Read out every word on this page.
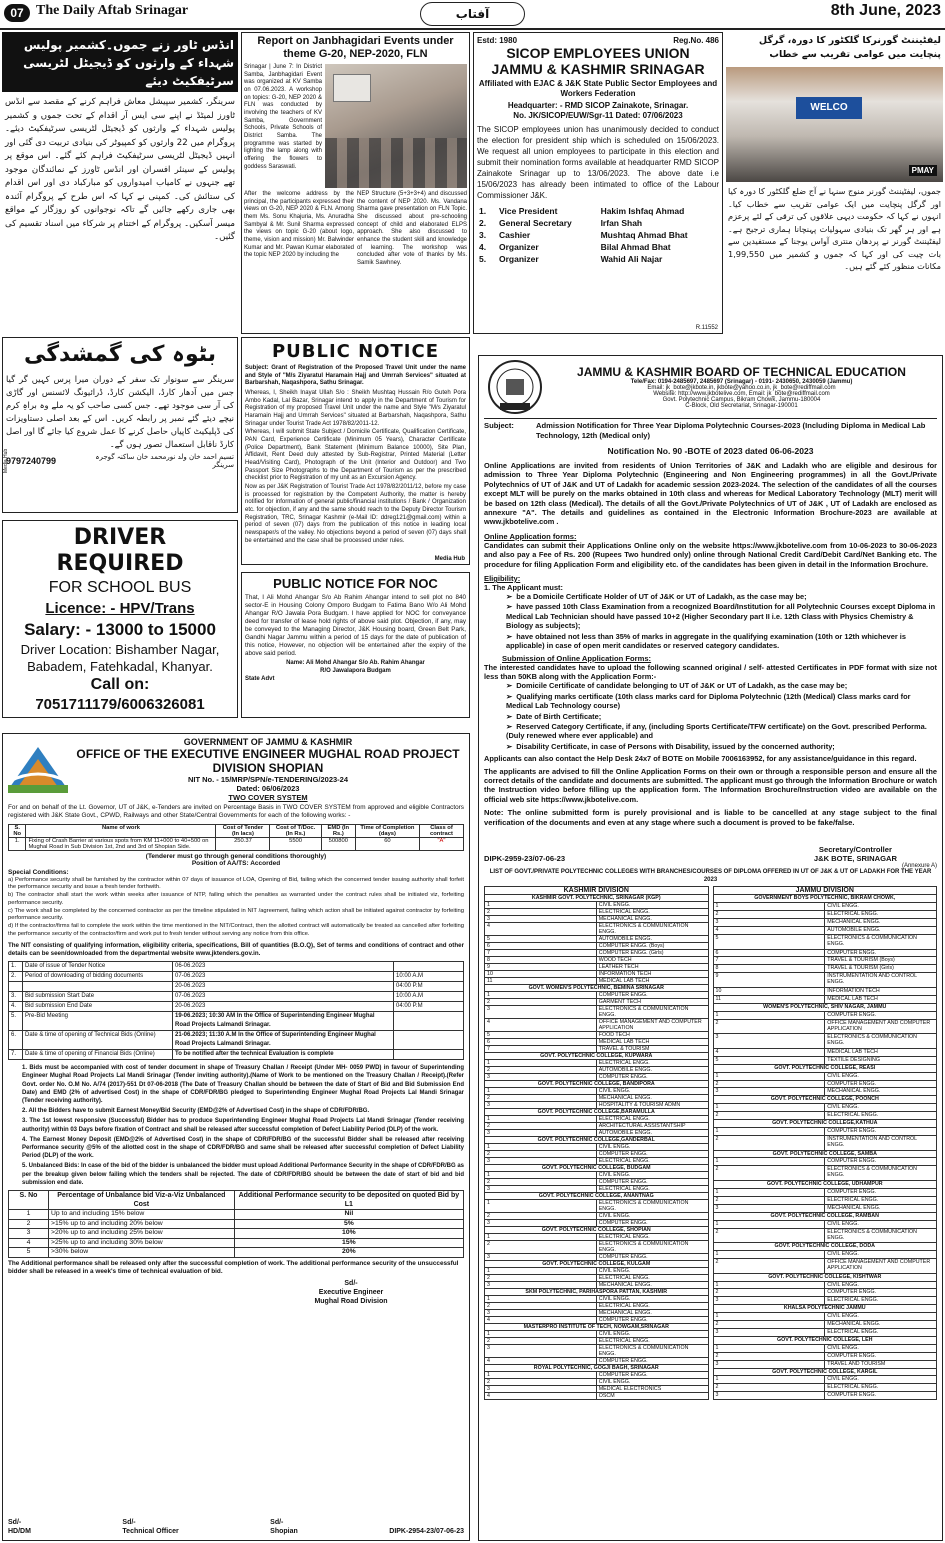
07 The Daily Aftab Srinagar	آفتاب	8th June, 2023
انڈس ٹاور زنے جموں۔کشمیر پولیس شہداء کے وارثوں کو ڈیجیٹل لٹریسی سرٹیفکیٹ دیئے
سرینگر، کشمیر سپیشل معاش فراہم کرنے کے مقصد سے انڈس ٹاورز لمیٹڈ نے اپنے سی ایس آر اقدام کے تحت جموں و کشمیر پولیس شہداء کے وارثوں کو ڈیجیٹل لٹریسی سرٹیفکیٹ دیئے۔ پروگرام میں 22 وارثوں کو کمپیوٹر کی بنیادی تربیت دی گئی اور انہیں ڈیجیٹل لٹریسی سرٹیفکیٹ فراہم کئے گئے۔ اس موقع پر پولیس کے سینئر افسران اور انڈس ٹاورز کے نمائندگان موجود تھے جنہوں نے کامیاب امیدواروں کو مبارکباد دی اور اس اقدام کی ستائش کی۔ کمپنی نے کہا کہ اس طرح کے پروگرام آئندہ بھی جاری رکھے جائیں گے تاکہ نوجوانوں کو روزگار کے مواقع میسر آسکیں۔ پروگرام کے اختتام پر شرکاء میں اسناد تقسیم کی گئیں۔
Report on Janbhagidari Events under theme G-20, NEP-2020, FLN
Srinagar | June 7: In District Samba, Janbhagidari Event was organized at KV Samba on 07.06.2023. A workshop on topics: G-20, NEP 2020 & FLN was conducted by involving the teachers of KV Samba, Government Schools, Private Schools of District Samba. The programme was started by lighting the lamp along with offering the flowers to goddess Saraswati.
After the welcome address by the principal, the participants expressed their views on G-20, NEP 2020 & FLN. Among them Ms. Sonu Khajuria, Ms. Anuradha Sambyal & Mr. Sunil Sharma expressed the views on topic G-20 (about logo, theme, vision and mission) Mr. Balwinder Kumar and Mr. Pawan Kumar elaborated the topic NEP 2020 by including the
NEP Structure (5+3+3+4) and discussed the content of NEP 2020. Ms. Vandana Sharma gave presentation on FLN Topic. She discussed about pre-schooling concept of child and elaborated ELPS approach. She also discussed to enhance the student skill and knowledge of learning. The workshop was concluded after vote of thanks by Ms. Samik Sawhney.
Estd: 1980	Reg.No. 486
SICOP EMPLOYEES UNION
JAMMU & KASHMIR SRINAGAR
Affiliated with EJAC & J&K State Public Sector Employees and Workers Federation
Headquarter: - RMD SICOP Zainakote, Srinagar.
No. JK/SICOP/EUW/Sgr-11 Dated: 07/06/2023
The SICOP employees union has unanimously decided to conduct the election for president ship which is scheduled on 15/06/2023. We request all union employees to participate in this election and submit their nomination forms available at headquarter RMD SICOP Zainakote Srinagar up to 13/06/2023. The above date i.e 15/06/2023 has already been intimated to office of the Labour Commissioner J&K.
1.	Vice President	Hakim Ishfaq Ahmad
2.	General Secretary	Irfan Shah
3.	Cashier	Mushtaq Ahmad Bhat
4.	Organizer	Bilal Ahmad Bhat
5.	Organizer	Wahid Ali Najar
R.11552
لیفٹیننٹ گورنرکا گلکٹور کا دورہ، گرگل پنچایت میں عوامی تقریب سے خطاب
WELCO
PMAY
جموں، لیفٹیننٹ گورنر منوج سنہا نے آج ضلع گلکٹور کا دورہ کیا اور گرگل پنچایت میں ایک عوامی تقریب سے خطاب کیا۔ انہوں نے کہا کہ حکومت دیہی علاقوں کی ترقی کے لئے پرعزم ہے اور ہر گھر تک بنیادی سہولیات پہنچانا ہماری ترجیح ہے۔ لیفٹیننٹ گورنر نے پردھان منتری آواس یوجنا کے مستفیدین سے بات چیت کی اور کہا کہ جموں و کشمیر میں 1,99,550 مکانات منظور کئے گئے ہیں۔
بٹوہ کی گمشدگی
سرینگر سے سونوار تک سفر کے دوران میرا پرس کہیں گر گیا جس میں آدھار کارڈ، الیکشن کارڈ، ڈرائیونگ لائسنس اور گاڑی کی آر سی موجود تھے۔ جس کسی صاحب کو یہ ملے وہ براہِ کرم نیچے دیئے گئے نمبر پر رابطہ کریں۔ اس کے بعد اصلی دستاویزات کی ڈپلیکیٹ کاپیاں حاصل کرنے کا عمل شروع کیا جائے گا اور اصل کارڈ ناقابل استعمال تصور ہوں گے۔
9797240799	تسیم احمد خان ولد نورمحمد خان ساکنہ گوجرہ سرینگر
Media Hub
PUBLIC NOTICE
Subject: Grant of Registration of the Proposed Travel Unit under the name and Style of "M/s Ziyaratul Haramain Hajj and Umrrah Services" situated at Barbarshah, Naqashpora, Sathu Srinagar.
Whereas, I, Sheikh Inayat Ullah S/o : Sheikh Mushtaq Hussain R/o Guteh Pora Ambo Kadal, Lal Bazar, Srinagar intend to apply in the Department of Tourism for Registration of my proposed Travel Unit under the name and Style "M/s Ziyaratul Haramain Hajj and Umrrah Services" situated at Barbarshah, Naqashpora, Sathu Srinagar under Tourist Trade Act 1978/82/2011-12.
Whereas, I will submit State Subject / Domicile Certificate, Qualification Certificate, PAN Card, Experience Certificate (Minimum 05 Years), Character Certificate (Police Department), Bank Statement (Minimum Balance 10000), Site Plan, Affidavit, Rent Deed duly attested by Sub-Registrar, Printed Material (Letter Head/Visiting Card), Photograph of the Unit (Interior and Outdoor) and Two Passport Size Photographs to the Department of Tourism as per the prescribed checklist prior to Registration of my unit as an Excursion Agency.
Now as per J&K Registration of Tourist Trade Act 1978/82/2011/12, before my case is processed for registration by the Competent Authority, the matter is hereby notified for information of general public/financial institutions / Bank / Organization etc. for objection, if any and the same should reach to the Deputy Director Tourism Registration, TRC, Srinagar Kashmir (e-Mail ID: ddreg121@gmail.com) within a period of seven (07) days from the publication of this notice in leading local newspaper/s of the valley. No objections beyond a period of seven (07) days shall be entertained and the case shall be processed under rules.
Media Hub
DRIVER REQUIRED
FOR SCHOOL BUS
Licence: - HPV/Trans
Salary: - 13000 to 15000
Driver Location: Bishamber Nagar, Babadem, Fatehkadal, Khanyar.
Call on:
7051711179/6006326081
PUBLIC NOTICE FOR NOC
That, I Ali Mohd Ahangar S/o Ab Rahim Ahangar intend to sell plot no 840 sector-E in Housing Colony Omporo Budgam to Fatima Bano W/o Ali Mohd Ahangar R/O Jawala Pora Budgam. I have applied for NOC for conveyance deed for transfer of lease hold rights of above said plot. Objection, if any, may be conveyed to the Managing Director, J&K Housing board, Green Belt Park, Gandhi Nagar Jammu within a period of 15 days for the date of publication of this notice, However, no objection will be entertained after the expiry of the above said period.
Name: Ali Mohd Ahangar S/o Ab. Rahim Ahangar
R/O Jawalapora Budgam
State Advt
GOVERNMENT OF JAMMU & KASHMIR
OFFICE OF THE EXECUTIVE ENGINEER MUGHAL ROAD PROJECT
DIVISION SHOPIAN
NIT No. - 15/MRP/SPN/e-TENDERING/2023-24
Dated: 06/06/2023
TWO COVER SYSTEM
For and on behalf of the Lt. Governor, UT of J&K, e-Tenders are invited on Percentage Basis in TWO COVER SYSTEM from approved and eligible Contractors registered with J&K State Govt., CPWD, Railways and other State/Central Governments for each of the following works: -
S. No	Name of work	Cost of Tender (In lacs)	Cost of T/Doc. (In Rs.)	EMD (In Rs.)	Time of Completion (days)	Class of contract
1.	Fixing of Crash Barrier at various spots from KM 11+000 to 40+500 on Mughal Road in Sub Division 1st, 2nd and 3rd of Shopian Side.	250.37	5500	500800	60	"A"
(Tenderer must go through general conditions thoroughly)
Position of AA/TS: Accorded
Special Conditions:
a) Performance security shall be furnished by the contractor within 07 days of issuance of LOA, Opening of Bid, failing which the concerned tender issuing authority shall forfeit the performance security and issue a fresh tender forthwith.
b) The contractor shall start the work within weeks after issuance of NTP, failing which the penalties as warranted under the contract rules shall be initiated viz, forfeiting performance security.
c) The work shall be completed by the concerned contractor as per the timeline stipulated in NIT /agreement, failing which action shall be initiated against contractor by forfeiting performance security.
d) If the contractor/firms fail to complete the work within the time mentioned in the NIT/Contract, then the allotted contract will automatically be treated as cancelled after forfeiting the performance security of the contractor/firm and work put to fresh tender without serving any notice from this office.
The NIT consisting of qualifying information, eligibility criteria, specifications, Bill of quantities (B.O.Q), Set of terms and conditions of contract and other details can be seen/downloaded from the departmental website www.jktenders.gov.in.
1.	Date of issue of Tender Notice	06-06.2023	
2.	Period of downloading of bidding documents	07-06.2023	10:00 A.M
		20-06.2023	04:00 P.M
3.	Bid submission Start Date	07-06.2023	10:00 A.M
4.	Bid submission End Date	20-06.2023	04:00 P.M
5.	Pre-Bid Meeting	19-06.2023; 10:30 AM In the Office of Superintending Engineer Mughal Road Projects Lalmandi Srinagar.	
6.	Date & time of opening of Technical Bids (Online)	21-06.2023; 11:30 A.M In the Office of Superintending Engineer Mughal Road Projects Lalmandi Srinagar.	
7.	Date & time of opening of Financial Bids (Online)	To be notified after the technical Evaluation is complete	
1. Bids must be accompanied with cost of tender document in shape of Treasury Challan / Receipt (Under MH- 0059 PWD) in favour of Superintending Engineer Mughal Road Projects Lal Mandi Srinagar (Tender inviting authority).(Name of Work to be mentioned on the Treasury Challan / Receipt).(Refer Govt. order No. O.M No. A/74 (2017)-551 Dt 07-06-2018 (The Date of Treasury Challan should be between the date of Start of Bid and Bid Submission End Date) and EMD (2% of advertised Cost) in the shape of CDR/FDR/BG pledged to Superintending Engineer Mughal Road Projects Lal Mandi Srinagar (Tender receiving authority).
2. All the Bidders have to submit Earnest Money/Bid Security (EMD@2% of Advertised Cost) in the shape of CDR/FDR/BG.
3. The 1st lowest responsive (Successful) Bidder has to produce Superintending Engineer Mughal Road Projects Lal Mandi Srinagar (Tender receiving authority) within 03 Days before fixation of Contract and shall be released after successful completion of Defect Liability Period (DLP) of the work.
4. The Earnest Money Deposit (EMD@2% of Advertised Cost) in the shape of CDR/FDR/BG of the successful Bidder shall be released after receiving Performance security @5% of the allotted cost in the shape of CDR/FDR/BG and same shall be released after successful completion of Defect Liability Period (DLP) of the work.
5. Unbalanced Bids: In case of the bid of the bidder is unbalanced the bidder must upload Additional Performance Security in the shape of CDR/FDR/BG as per the breakup given below failing which the tenders shall be rejected. The date of CDR/FDR/BG should be between the date of start of bid and bid submission end date.
S. No	Percentage of Unbalance bid Viz-a-Viz Unbalanced Cost	Additional Performance security to be deposited on quoted Bid by L1
1	Up to and including 15% below	Nil
2	>15% up to and including 20% below	5%
3	>20% up to and including 25% below	10%
4	>25% up to and including 30% below	15%
5	>30% below	20%
The Additional performance shall be released only after the successful completion of work. The additional performance security of the unsuccessful bidder shall be released in a week's time of technical evaluation of bid.
Sd/-
Executive Engineer
Mughal Road Division
Sd/-
HD/DM
Sd/-
Technical Officer
Sd/-
Shopian	DIPK-2954-23/07-06-23
JAMMU & KASHMIR BOARD OF TECHNICAL EDUCATION
Tele/Fax: 0194-2485697, 2485697 (Srinagar) - 0191- 2430650, 2430059 (Jammu)
Email: jk_bote@jkbote.in, jkbote@yahoo.co.in, jk_bote@rediffmail.com
Website: http://www.jkbotelive.com, Email: jk_bote@rediffmail.com
Govt. Polytechnic Campus, Bikram Chowk, Jammu-180004
C-Block, Old Secretariat, Srinagar-190001
Subject:	Admission Notification for Three Year Diploma Polytechnic Courses-2023 (Including Diploma in Medical Lab Technology, 12th (Medical only)
Notification No. 90 -BOTE of 2023 dated 06-06-2023
Online Applications are invited from residents of Union Territories of J&K and Ladakh who are eligible and desirous for admission to Three Year Diploma Polytechnic (Engineering and Non Engineering programmes) in all the Govt./Private Polytechnics of UT of J&K and UT of Ladakh for academic session 2023-2024. The selection of the candidates of all the courses except MLT will be purely on the marks obtained in 10th class and whereas for Medical Laboratory Technology (MLT) merit will be based on 12th class (Medical). The details of all the Govt./Private Polytechnics of UT of J&K , UT of Ladakh are enclosed as annexure "A". The details and guidelines as contained in the Electronic Information Brochure-2023 are available at www.jkbotelive.com .
Online Application forms:
Candidates can submit their Applications Online only on the website https://www.jkbotelive.com from 10-06-2023 to 30-06-2023 and also pay a Fee of Rs. 200 (Rupees Two hundred only) online through National Credit Card/Debit Card/Net Banking etc. The procedure for filing Application Form and eligibility etc. of the candidates has been given in detail in the Information Brochure.
Eligibility:
1. The Applicant must:
➢ be a Domicile Certificate Holder of UT of J&K or UT of Ladakh, as the case may be;
➢ have passed 10th Class Examination from a recognized Board/Institution for all Polytechnic Courses except Diploma in Medical Lab Technician should have passed 10+2 (Higher Secondary part II i.e. 12th Class with Physics Chemistry & Biology as subjects);
➢ have obtained not less than 35% of marks in aggregate in the qualifying examination (10th or 12th whichever is applicable) in case of open merit candidates or reserved category candidates.
Submission of Online Application Forms:
The interested candidates have to upload the following scanned original / self- attested Certificates in PDF format with size not less than 50KB along with the Application Form:-
➢ Domicile Certificate of candidate belonging to UT of J&K or UT of Ladakh, as the case may be;
➢ Qualifying marks certificate (10th class marks card for Diploma Polytechnic (12th (Medical) Class marks card for Medical Lab Technology course)
➢ Date of Birth Certificate;
➢ Reserved Category Certificate, if any, (including Sports Certificate/TFW certificate) on the Govt. prescribed Performa. (Duly renewed where ever applicable) and
➢ Disability Certificate, in case of Persons with Disability, issued by the concerned authority;
Applicants can also contact the Help Desk 24x7 of BOTE on Mobile 7006163952, for any assistance/guidance in this regard.
The applicants are advised to fill the Online Application Forms on their own or through a responsible person and ensure all the correct details of the candidate and documents are submitted. The applicant must go through the Information Brochure or watch the Instruction video before filling up the application form. The Information Brochure/Instruction video are available on the official web site https://www.jkbotelive.com.
Note: The online submitted form is purely provisional and is liable to be cancelled at any stage subject to the final verification of the documents and even at any stage where such a document is proved to be fake/false.
DIPK-2959-23/07-06-23
Secretary/Controller
J&K BOTE, SRINAGAR
(Annexure A)
LIST OF GOVT./PRIVATE POLYTECHNIC COLLEGES WITH BRANCHES/COURSES OF DIPLOMA OFFERED IN UT OF J&K & UT OF LADAKH FOR THE YEAR 2023
KASHMIR DIVISION	
KASHMIR GOVT. POLYTECHNIC, SRINAGAR (KGP)	
1	CIVIL ENGG.
2	ELECTRICAL ENGG.
3	MECHANICAL ENGG.
4	ELECTRONICS & COMMUNICATION ENGG.
5	AUTOMOBILE ENGG.
6	COMPUTER ENGG. (Boys)
7	COMPUTER ENGG. (Girls)
8	WOOD TECH
9	LEATHER TECH
10	INFORMATION TECH
11	MEDICAL LAB TECH
GOVT. WOMEN'S POLYTECHNIC, BEMINA SRINAGAR	
1	COMPUTER ENGG.
2	GARMENT TECH
3	ELECTRONICS & COMMUNICATION ENGG.
4	OFFICE MANAGEMENT AND COMPUTER APPLICATION
5	FOOD TECH
6	MEDICAL LAB TECH
7	TRAVEL & TOURISM
GOVT. POLYTECHNIC COLLEGE, KUPWARA	
1	ELECTRICAL ENGG.
2	AUTOMOBILE ENGG.
3	COMPUTER ENGG.
GOVT. POLYTECHNIC COLLEGE, BANDIPORA	
1	CIVIL ENGG.
2	MECHANICAL ENGG.
3	HOSPITALITY & TOURISM ADMN
GOVT. POLYTECHNIC COLLEGE,BARAMULLA	
1	ELECTRICAL ENGG.
2	ARCHITECTURAL ASSISTANTSHIP
3	AUTOMOBILE ENGG.
GOVT. POLYTECHNIC COLLEGE,GANDERBAL	
1	CIVIL ENGG.
2	COMPUTER ENGG.
3	ELECTRICAL ENGG.
GOVT. POLYTECHNIC COLLEGE, BUDGAM	
1	CIVIL ENGG.
2	COMPUTER ENGG.
3	ELECTRICAL ENGG.
GOVT. POLYTECHNIC COLLEGE, ANANTNAG	
1	ELECTRONICS & COMMUNICATION ENGG.
2	CIVIL ENGG.
3	COMPUTER ENGG.
GOVT. POLYTECHNIC COLLEGE, SHOPIAN	
1	ELECTRICAL ENGG.
2	ELECTRONICS & COMMUNICATION ENGG.
3	COMPUTER ENGG.
GOVT. POLYTECHNIC COLLEGE, KULGAM	
1	CIVIL ENGG.
2	ELECTRICAL ENGG.
3	MECHANICAL ENGG.
SKM POLYTECHNIC, PARIHASPORA PATTAN, KASHMIR	
1	CIVIL ENGG.
2	ELECTRICAL ENGG.
3	MECHANICAL ENGG.
4	COMPUTER ENGG.
MASTERPRO INSTITUTE OF TECH, NOWGAM,SRINAGAR	
1	CIVIL ENGG.
2	ELECTRICAL ENGG.
3	ELECTRONICS & COMMUNICATION ENGG.
4	COMPUTER ENGG.
ROYAL POLYTECHNIC, GOGJI BAGH, SRINAGAR	
1	COMPUTER ENGG.
2	CIVIL ENGG.
3	MEDICAL ELECTRONICS
4	OSCM
JAMMU DIVISION	
GOVERNMENT BOYS POLYTECHNIC, BIKRAM CHOWK,	
1	CIVIL ENGG.
2	ELECTRICAL ENGG.
3	MECHANICAL ENGG.
4	AUTOMOBILE ENGG.
5	ELECTRONICS & COMMUNICATION ENGG.
6	COMPUTER ENGG.
7	TRAVEL & TOURISM (Boys)
8	TRAVEL & TOURISM (Girls)
9	INSTRUMENTATION AND CONTROL ENGG.
10	INFORMATION TECH
11	MEDICAL LAB TECH
WOMEN'S POLYTECHNIC, SHIV NAGAR, JAMMU	
1	COMPUTER ENGG.
2	OFFICE MANAGEMENT AND COMPUTER APPLICATION
3	ELECTRONICS & COMMUNICATION ENGG.
4	MEDICAL LAB TECH
5	TEXTILE DESIGNING
GOVT. POLYTECHNIC COLLEGE, REASI	
1	CIVIL ENGG.
2	COMPUTER ENGG.
3	MECHANICAL ENGG.
GOVT. POLYTECHNIC COLLEGE, POONCH	
1	CIVIL ENGG.
2	ELECTRICAL ENGG.
GOVT. POLYTECHNIC COLLEGE,KATHUA	
1	COMPUTER ENGG.
2	INSTRUMENTATION AND CONTROL ENGG.
GOVT. POLYTECHNIC COLLEGE, SAMBA	
1	COMPUTER ENGG.
2	ELECTRONICS & COMMUNICATION ENGG.
GOVT. POLYTECHNIC COLLEGE, UDHAMPUR	
1	COMPUTER ENGG.
2	ELECTRICAL ENGG.
3	MECHANICAL ENGG.
GOVT. POLYTECHNIC COLLEGE, RAMBAN	
1	CIVIL ENGG.
2	ELECTRONICS & COMMUNICATION ENGG.
GOVT. POLYTECHNIC COLLEGE, DODA	
1	CIVIL ENGG.
2	OFFICE MANAGEMENT AND COMPUTER APPLICATION
GOVT. POLYTECHNIC COLLEGE, KISHTWAR	
1	CIVIL ENGG.
2	COMPUTER ENGG.
3	ELECTRICAL ENGG.
KHALSA POLYTECHNIC JAMMU	
1	CIVIL ENGG.
2	MECHANICAL ENGG.
3	ELECTRICAL ENGG.
GOVT. POLYTECHNIC COLLEGE, LEH	
1	CIVIL ENGG.
2	COMPUTER ENGG.
3	TRAVEL AND TOURISM
GOVT. POLYTECHNIC COLLEGE, KARGIL	
1	CIVIL ENGG.
2	ELECTRICAL ENGG.
3	COMPUTER ENGG.
